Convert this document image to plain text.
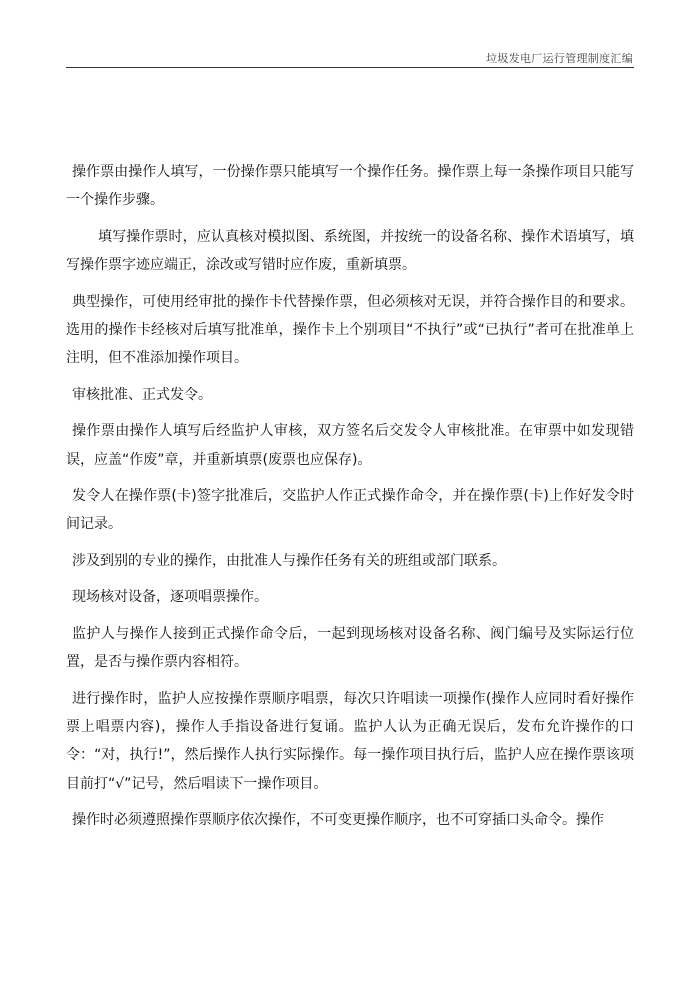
垃圾发电厂运行管理制度汇编

操作票由操作人填写，一份操作票只能填写一个操作任务。操作票上每一条操作项目只能写一个操作步骤。

填写操作票时，应认真核对模拟图、系统图，并按统一的设备名称、操作术语填写，填写操作票字迹应端正，涂改或写错时应作废，重新填票。

典型操作，可使用经审批的操作卡代替操作票，但必须核对无误，并符合操作目的和要求。选用的操作卡经核对后填写批准单，操作卡上个别项目“不执行”或“已执行”者可在批准单上注明，但不准添加操作项目。

审核批准、正式发令。

操作票由操作人填写后经监护人审核，双方签名后交发令人审核批准。在审票中如发现错误，应盖“作废”章，并重新填票(废票也应保存)。

发令人在操作票(卡)签字批准后，交监护人作正式操作命令，并在操作票(卡)上作好发令时间记录。

涉及到别的专业的操作，由批准人与操作任务有关的班组或部门联系。

现场核对设备，逐项唱票操作。

监护人与操作人接到正式操作命令后，一起到现场核对设备名称、阀门编号及实际运行位置，是否与操作票内容相符。

进行操作时，监护人应按操作票顺序唱票，每次只许唱读一项操作(操作人应同时看好操作票上唱票内容)，操作人手指设备进行复诵。监护人认为正确无误后，发布允许操作的口令：“对，执行!”，然后操作人执行实际操作。每一操作项目执行后，监护人应在操作票该项目前打“√”记号，然后唱读下一操作项目。

操作时必须遵照操作票顺序依次操作，不可变更操作顺序，也不可穿插口头命令。操作
